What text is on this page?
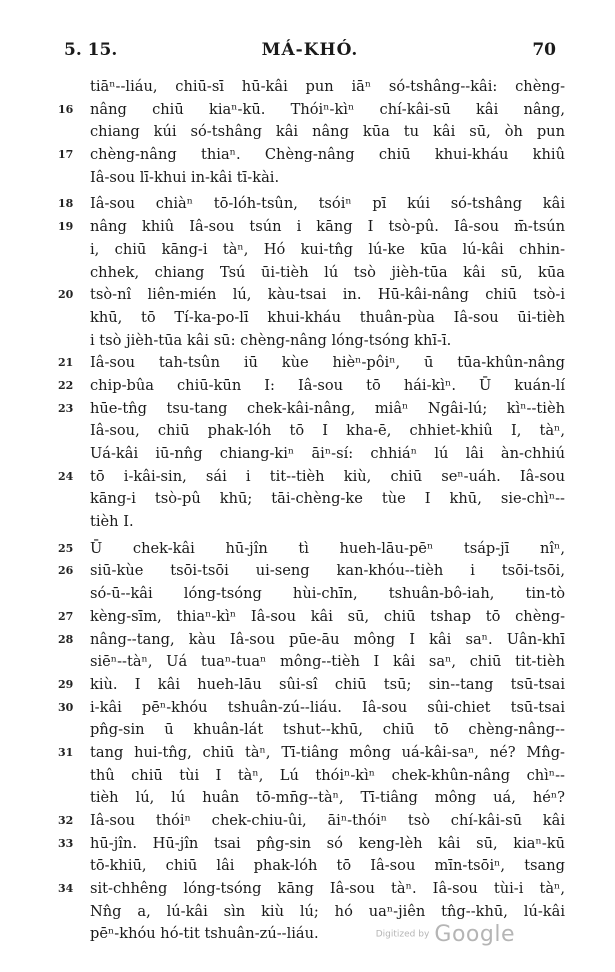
5. 15.	MÁ-KHÓ.	70
tiāⁿ--liáu, chiū-sī hū-kâi pun iāⁿ só-tshâng--kâi: chèng-
16	nâng chiū kiaⁿ-kū. Thóiⁿ-kìⁿ chí-kâi-sū kâi nâng,
chiang kúi só-tshâng kâi nâng kūa tu kâi sū, òh pun
17	chèng-nâng thiaⁿ. Chèng-nâng chiū khui-kháu khiû
Iâ-sou lī-khui in-kâi tī-kài.
18	Iâ-sou chiàⁿ tō-lóh-tsûn, tsóiⁿ pī kúi só-tshâng kâi
19	nâng khiû Iâ-sou tsún i kāng I tsò-pû. Iâ-sou m̄-tsún
i, chiū kāng-i tàⁿ, Hó kui-tn̂g lú-ke kūa lú-kâi chhin-
chhek, chiang Tsú ūi-tièh lú tsò jièh-tūa kâi sū, kūa
20	tsò-nî liên-mién lú, kàu-tsai in. Hū-kâi-nâng chiū tsò-i
khū, tō Tí-ka-po-lī khui-kháu thuân-pùa Iâ-sou ūi-tièh
i tsò jièh-tūa kâi sū: chèng-nâng lóng-tsóng khī-ī.
21	Iâ-sou tah-tsûn iū kùe hièⁿ-pôiⁿ, ū tūa-khûn-nâng
22	chip-bûa chiū-kūn I: Iâ-sou tō hái-kìⁿ. Ū kuán-lí
23	hūe-tn̂g tsu-tang chek-kâi-nâng, miâⁿ Ngâi-lú; kìⁿ--tièh
Iâ-sou, chiū phak-lóh tō I kha-ē, chhiet-khiû I, tàⁿ,
Uá-kâi iū-nn̂g chiang-kiⁿ āiⁿ-sí: chhiáⁿ lú lâi àn-chhiú
24	tō i-kâi-sin, sái i tit--tièh kiù, chiū seⁿ-uáh. Iâ-sou
kāng-i tsò-pû khū; tāi-chèng-ke tùe I khū, sie-chìⁿ--
tièh I.
25	Ū chek-kâi hū-jîn tì hueh-lāu-pēⁿ tsáp-jī nîⁿ,
26	siū-kùe tsōi-tsōi ui-seng kan-khóu--tièh i tsōi-tsōi,
só-ū--kâi lóng-tsóng hùi-chīn, tshuân-bô-iah, tin-tò
27	kèng-sīm, thiaⁿ-kìⁿ Iâ-sou kâi sū, chiū tshap tō chèng-
28	nâng--tang, kàu Iâ-sou pūe-āu mông I kâi saⁿ. Uân-khī
siēⁿ--tàⁿ, Uá tuaⁿ-tuaⁿ mông--tièh I kâi saⁿ, chiū tit-tièh
29	kiù. I kâi hueh-lāu sûi-sî chiū tsū; sin--tang tsū-tsai
30	i-kâi pēⁿ-khóu tshuân-zú--liáu. Iâ-sou sûi-chiet tsū-tsai
pn̂g-sin ū khuân-lát tshut--khū, chiū tō chèng-nâng--
31	tang hui-tn̂g, chiū tàⁿ, Tī-tiâng mông uá-kâi-saⁿ, né? Mn̂g-
thû chiū tùi I tàⁿ, Lú thóiⁿ-kìⁿ chek-khûn-nâng chìⁿ--
tièh lú, lú huân tō-mn̄g--tàⁿ, Tī-tiâng mông uá, héⁿ?
32	Iâ-sou thóiⁿ chek-chiu-ûi, āiⁿ-thóiⁿ tsò chí-kâi-sū kâi
33	hū-jîn. Hū-jîn tsai pn̂g-sin só keng-lèh kâi sū, kiaⁿ-kū
tō-khiū, chiū lâi phak-lóh tō Iâ-sou mīn-tsōiⁿ, tsang
34	sit-chhêng lóng-tsóng kāng Iâ-sou tàⁿ. Iâ-sou tùi-i tàⁿ,
Nn̂g a, lú-kâi sìn kiù lú; hó uaⁿ-jiên tn̂g--khū, lú-kâi
pēⁿ-khóu hó-tit tshuân-zú--liáu.	Digitized by Google
